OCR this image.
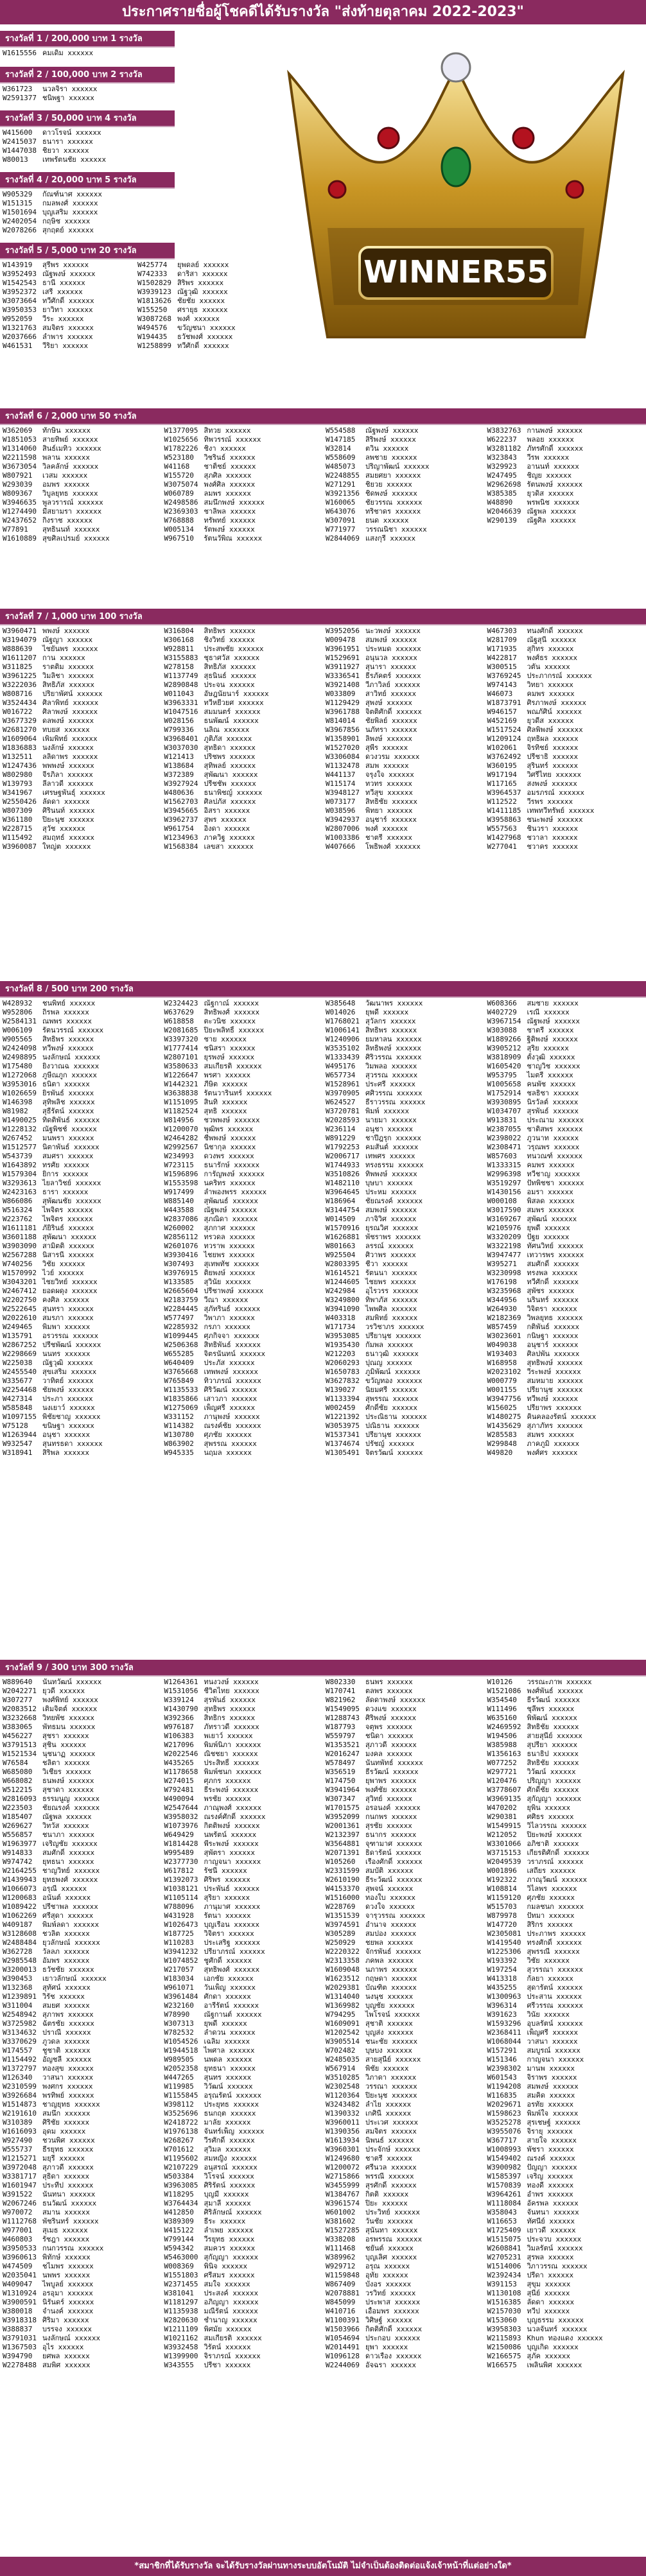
ประกาศรายชื่อผู้โชคดีได้รับรางวัล "ส่งท้ายตุลาคม 2022-2023"
WINNER55
รางวัลที่ 1 / 200,000 บาท 1 รางวัล
W1615556 คมเดิม xxxxxx
รางวัลที่ 2 / 100,000 บาท 2 รางวัล
W361723 นวลจิรา xxxxxx
W2591377 ชนิพฐา xxxxxx
รางวัลที่ 3 / 50,000 บาท 4 รางวัล
W415600 ดาวโรจน์ xxxxxx
W2415037 ธนารา xxxxxx
W1447038 ชิยวา xxxxxx
W80013 เทพรัตนชัย xxxxxx
รางวัลที่ 4 / 20,000 บาท 5 รางวัล
W905329 กัณฑ์นาศ xxxxxx
W151315 กมลพงศ์ xxxxxx
W1501694 บุญเสริม xxxxxx
W2402054 กฤษิช xxxxxx
W2078266 สุกฤตย์ xxxxxx
รางวัลที่ 5 / 5,000 บาท 20 รางวัล
W143919 สุรีพร xxxxxx	W425774 ยุพดลย์ xxxxxx
W3952493 ณัฐพงษ์ xxxxxx	W742333 ดาริสา xxxxxx
W1542543 ธานี xxxxxx	W1502829 สิริพร xxxxxx
W3952372 เสรี xxxxxx	W3939123 ณัฐวุฒิ xxxxxx
W3073664 ทวีศักดิ์ xxxxxx	W1813626 ชัยชัย xxxxxx
W3950353 ยาวิทา xxxxxx	W155250 ศรายุธ xxxxxx
W952059 วีระ xxxxxx	W3087268 พงศ์ xxxxxx
W1321763 สมจิตร xxxxxx	W494576 ขวัญชนา xxxxxx
W2037666 ลำพาร xxxxxx	W194435 ธวัชพงศ์ xxxxxx
W461531 วีริยา xxxxxx	W1258899 ทวีศักดิ์ xxxxxx
รางวัลที่ 6 / 2,000 บาท 50 รางวัล
W362069 ทักษิน xxxxxx	W1377095 สิทวย xxxxxx	W554588 ณัฐพงษ์ xxxxxx	W3832763 กานพงษ์ xxxxxx
W1851053 สายทิพย์ xxxxxx	W1025656 ทิพวรรณ์ xxxxxx	W147185 สิริพงษ์ xxxxxx	W622237 พลอย xxxxxx
W1314060 สินธ์เมทิ่ว xxxxxx	W1782226 ชิงา xxxxxx	W32814 ตวิน xxxxxx	W3281182 ภัทรศักดิ์ xxxxxx
W2211598 พลาน xxxxxx	W523180 วิชรินธ์ xxxxxx	W558609 ลพชาย xxxxxx	W323843 วีรพ xxxxxx
W3673054 วิลคลักษ์ xxxxxx	W41168 ชาติัชย์ xxxxxx	W485073 ปริญาพัฒน์ xxxxxx	W329923 อานนท์ xxxxxx
W807921 เวสม xxxxxx	W155720 สุภศิล xxxxxx	W2248855 สมยศยา xxxxxx	W247495 ชิญย xxxxxx
W293039 อมพร xxxxxx	W3075074 พงศ์ศิล xxxxxx	W271291 ชิยวย xxxxxx	W2962698 รัตนพงษ์ xxxxxx
W809367 วิบูลยุทธ xxxxxx	W060789 ลมพร xxxxxx	W3921356 ชิดพงษ์ xxxxxx	W385385 ยุวดิส xxxxxx
W3946635 พูลวรารณ์ xxxxxx	W2498586 สมนึกพงษ์ xxxxxx	W160065 ชัยวรรณ xxxxxx	W48890 พรพนิช xxxxxx
W1274490 มีสยามรา xxxxxx	W2369303 ชาลิพล xxxxxx	W643076 ทริชาดร xxxxxx	W2046639 ณัฐพล xxxxxx
W2437652 กิงราช xxxxxx	W768888 ทรัพทย์ xxxxxx	W307091 ยนด xxxxxx	W290139 ณัฐศิล xxxxxx
W77891 สุทธินนท์ xxxxxx	W005134 รัตพงษ์ xxxxxx	W771977 วรรณนิชา xxxxxx
W1610889 สุขศิลเปรมย์ xxxxxx	W967510 รัตนวัพิณ xxxxxx	W2844069 แสงกุรี xxxxxx
รางวัลที่ 7 / 1,000 บาท 100 รางวัล
W3960471 พพงษ์ xxxxxx	W316804 สิทธิพร xxxxxx	W3952056 นะวพงษ์ xxxxxx	W467303 ทนงศักดิ์ xxxxxx
W3194079 ณัฐญา xxxxxx	W306168 ชิงวิทย์ xxxxxx	W009478 สมพงษ์ xxxxxx	W281709 ณัฐสุนี xxxxxx
W888639 ไชยันพร xxxxxx	W928811 ประสพชัย xxxxxx	W3961951 ประหมด xxxxxx	W171935 สุกิทร xxxxxx
W1611207 กาน xxxxxx	W3155883 ชุธาศวัส xxxxxx	W1529691 อนุนวล xxxxxx	W422817 พงศ์ธร xxxxxx
W311825 ราตติม xxxxxx	W278158 สิทธิภัส xxxxxx	W3911927 สุนารา xxxxxx	W300515 วตัน xxxxxx
W3961225 วิมลิชา xxxxxx	W1137749 สุธนินธ์ xxxxxx	W3336541 ธีรภัคตร์ xxxxxx	W3769245 ประภากรณ์ xxxxxx
W3222036 สิทธิภัส xxxxxx	W2890848 ประจน xxxxxx	W3921408 วีภาวิลย์ xxxxxx	W974143 วิทยา xxxxxx
W808716 ปริยาพัศน์ xxxxxx	W011043 อัษฎนัยนาร์ xxxxxx	W033809 สาวิทย์ xxxxxx	W46073 คมพร xxxxxx
W3524434 ศิลาพิทย์ xxxxxx	W3963331 ทวีหยีวยศ xxxxxx	W1129429 สุพงษ์ xxxxxx	W1873791 ศิรภาพงษ์ xxxxxx
W016722 ศิลาพงษ์ xxxxxx	W1047516 สมมนตร์ xxxxxx	W3961788 จิตติศักดิ์ xxxxxx	W946157 พณภัศิน์ xxxxxx
W3677329 ดลพงษ์ xxxxxx	W028156 ธนพัฒน์ xxxxxx	W814014 ชัยพิลย์ xxxxxx	W452169 ยุวดีส xxxxxx
W2681270 ทบยส xxxxxx	W799336 นลิณ xxxxxx	W3967856 นภัทรา xxxxxx	W1517524 ศิลพิพงษ์ xxxxxx
W1609064 เพิ่มพิทย์ xxxxxx	W3968401 ภูติภัส xxxxxx	W1358901 ลิพงษ์ xxxxxx	W1209124 ฤทธิผล xxxxxx
W1836883 นงลักษ์ xxxxxx	W3037030 สุทธิดา xxxxxx	W1527020 สุพีร xxxxxx	W102061 จิรทิชย์ xxxxxx
W132511 ลลิดาพร xxxxxx	W121413 ปริชพร xxxxxx	W3306084 ดวงวรม xxxxxx	W3762492 ปรีชาธิ xxxxxx
W1247436 พพพงษ์ xxxxxx	W138684 สุทิพลย์ xxxxxx	W1132478 สมพ xxxxxx	W360195 สุรินทร์ xxxxxx
W802980 จีรภิลา xxxxxx	W372389 สุพัฒนา xxxxxx	W441137 จรุงใจ xxxxxx	W917194 วิศรีไทย xxxxxx
W139793 ลีลาวดี xxxxxx	W3927924 ปรีชชัพ xxxxxx	W115174 ทวทร xxxxxx	W117165 สงพงษ์ xxxxxx
W341967 เศรษฐพันธุ์ xxxxxx	W480636 ธนาพิชญ์ xxxxxx	W3948127 ทวีสุข xxxxxx	W3964537 อมรภรณ์ xxxxxx
W2550426 ลัดดา xxxxxx	W1562703 ศิลปภัส xxxxxx	W073177 สิทธิชัย xxxxxx	W112522 วีรพร xxxxxx
W807309 ศิรินนท์ xxxxxx	W3945665 อิสรา xxxxxx	W038596 พิทยา xxxxxx	W1411185 เทพทวีทรัพย์ xxxxxx
W361180 ปิยะนุช xxxxxx	W3962737 สุพร xxxxxx	W3942937 อนุชาร์ xxxxxx	W3958863 ชนะพงษ์ xxxxxx
W228715 สุวัช xxxxxx	W961754 อิงดา xxxxxx	W2807006 พงศ์ xxxxxx	W557563 ชินวรา xxxxxx
W115492 สมฤทธ์ xxxxxx	W1234963 ภาควิฐ xxxxxx	W1003386 ชาตรี xxxxxx	W1427968 ชวาลา xxxxxx
W3960087 ใหญ่ต xxxxxx	W1568384 เลขสา xxxxxx	W407666 โพธิพงศ์ xxxxxx	W277041 ชวาคร xxxxxx
รางวัลที่ 8 / 500 บาท 200 รางวัล
W428932 ชนพิทย์ xxxxxx	W2324423 ณัฐกาณ์ xxxxxx	W385648 วัฒนาพร xxxxxx	W608366 สมชาย xxxxxx
W952806 ถิรพล xxxxxx	W637629 สิทธิพงศ์ xxxxxx	W014026 ยุพดี xxxxxx	W402729 เรณี xxxxxx
W2584131 ณพพร xxxxxx	W618858 ตะวนิช xxxxxx	W1768021 สุวัลกร xxxxxx	W3967154 ณัฐพงษ์ xxxxxx
W006109 รัตนวรรณ์ xxxxxx	W2081685 ปิยะพลิทธิ์ xxxxxx	W1006141 สิทธิพร xxxxxx	W303088 ชาตรี xxxxxx
W905565 สิทธิพร xxxxxx	W3397320 ชาย xxxxxx	W1240906 ยมหาลน xxxxxx	W1889266 ฐิติพงษ์ xxxxxx
W2424098 ทวีพงษ์ xxxxxx	W1777414 ชนิสรา xxxxxx	W3535102 ลิทธิพงษ์ xxxxxx	W3905212 สุริย xxxxxx
W2498895 นงลักษณ์ xxxxxx	W2807101 ยุรพงษ์ xxxxxx	W1333439 ศิริวรรณ xxxxxx	W3818909 ตั้งวุฒิ xxxxxx
W175480 ยิ่งวาณฉ xxxxxx	W3580633 สมเกียรติ xxxxxx	W495176 วิมพลอ xxxxxx	W1605420 ชาญวิช xxxxxx
W1272068 ภูษีณภูก xxxxxx	W1226647 พรศา xxxxxx	W657734 สุวรรณ xxxxxx	W953795 ไมตรี xxxxxx
W3953016 ธนิตา xxxxxx	W1442321 ภีษิต xxxxxx	W1528961 ประศรี xxxxxx	W1005658 คนพัช xxxxxx
W1026659 ยิรพันธ์ xxxxxx	W3638838 รัตนวารินทร์ xxxxxx	W3970905 ศศิวรรณ xxxxxx	W1752914 ชลธิชา xxxxxx
W146398 สุทิพลิช xxxxxx	W1151095 สินทิ xxxxxx	W624527 ธีราวรรณ xxxxxx	W3930895 นิรวัลต์ xxxxxx
W81982 สุธีรัตน์ xxxxxx	W1182524 สุทธิ xxxxxx	W3720781 พิมพ์ xxxxxx	W1034707 สุรพันธ์ xxxxxx
W1490025 ทิดติพันธ์ xxxxxx	W814956 ชวพพงษ์ xxxxxx	W2028593 นายมา xxxxxx	W913831 ประณาม xxxxxx
W1228132 ณัฐพิชช์ xxxxxx	W1200070 พุฒิพร xxxxxx	W236114 อนุชา xxxxxx	W2387055 ชาติสพร xxxxxx
W267452 มนพรา xxxxxx	W2464282 ชีพพงษ์ xxxxxx	W891229 ชาปีฎรุก xxxxxx	W2398022 ภูวนาท xxxxxx
W1512577 นิตาพันธ์ xxxxxx	W2992567 นิชากุล xxxxxx	W1792253 คมสันต์ xxxxxx	W2308471 วรุณพร xxxxxx
W543739 สมศรา xxxxxx	W234993 ดวงพร xxxxxx	W2006717 เทพศร xxxxxx	W857603 ทนวณฑ์ xxxxxx
W1643892 ทรศัย xxxxxx	W723115 ธนารักษ์ xxxxxx	W1744933 ทรงธรรม xxxxxx	W1333315 คมพร xxxxxx
W1579304 ยิการ xxxxxx	W1596896 การัญพงษ์ xxxxxx	W3510826 ทิพพงษ์ xxxxxx	W2996398 ทวีชาญ xxxxxx
W3293613 ไยลาวิชย์ xxxxxx	W1553598 นคริทร xxxxxx	W1482110 บุษบา xxxxxx	W3519297 ปัทพิชชา xxxxxx
W2423163 ธารา xxxxxx	W917499 ลำพองพรร xxxxxx	W3964645 ประหม xxxxxx	W1430156 อมรา xxxxxx
W866086 สุพัฒนชัย xxxxxx	W885140 สุพัฒนธ์ xxxxxx	W186964 ชัยณรงค์ xxxxxx	W000108 พิสลด xxxxxx
W516324 ไพจิตร xxxxxx	W443588 ณัฐพงษ์ xxxxxx	W3144754 สมพงษ์ xxxxxx	W3017590 สมพร xxxxxx
W223762 ไพจิตร xxxxxx	W2837086 สุภณิดา xxxxxx	W014509 ภาจิวิศ xxxxxx	W3169267 สุพัฒน์ xxxxxx
W1611181 ภัยิรินธ์ xxxxxx	W260002 สุภกาศ xxxxxx	W1570916 ยุรณวิศ xxxxxx	W2105976 ยุพดี xxxxxx
W3601188 สุพัฒนา xxxxxx	W2856112 ทรวดล xxxxxx	W1626881 พัชราพร xxxxxx	W3320209 ปัฐย xxxxxx
W3903090 สามิตติ xxxxxx	W2601076 ทวราพ xxxxxx	W801663 ลรรณ์ xxxxxx	W3322198 ทัศนวิทย์ xxxxxx
W2567288 นิสารนี xxxxxx	W3930416 ไชยพร xxxxxx	W925504 ศิวาพร xxxxxx	W3947477 เทวารพร xxxxxx
W740256 วิชัย xxxxxx	W307493 สุเทพทัช xxxxxx	W2803395 ชีวา xxxxxx	W395271 สมศักดิ์ xxxxxx
W1570992 ไวย์ xxxxxx	W3976915 ติยพงษ์ xxxxxx	W1614521 รัตนนา xxxxxx	W3230998 ทรงพล xxxxxx
W3043201 ไชยวิทย์ xxxxxx	W133585 สุวินัย xxxxxx	W1244605 ไชยพร xxxxxx	W176198 ทวีศักดิ์ xxxxxx
W2467412 ยอดผดุง xxxxxx	W2665604 ปรีชาพงษ์ xxxxxx	W242984 อุไรวรร xxxxxx	W3235968 สุพัชร xxxxxx
W2202750 คงศิล xxxxxx	W2183759 วีณา xxxxxx	W3249800 ทิพาภัส xxxxxx	W344956 นรินทร์ xxxxxx
W2522645 สุนทรา xxxxxx	W2284445 สุภัทรินธ์ xxxxxx	W3941090 ไพพศิล xxxxxx	W264930 วิจิตรา xxxxxx
W2022610 สมรภา xxxxxx	W577497 วิพาภา xxxxxx	W403318 สมพิทย์ xxxxxx	W2182369 วิพลยุทธ xxxxxx
W249465 พิมพา xxxxxx	W2285932 กรภา xxxxxx	W171734 วรวิชาภร xxxxxx	W857459 กติพันธ์ xxxxxx
W135791 อรวรรณ xxxxxx	W1099445 ศุภกิจจา xxxxxx	W3953085 ปรียานุช xxxxxx	W3023601 กนิษฐา xxxxxx
W2867252 ปรีชพัฒน์ xxxxxx	W2506368 สิทธิพันธ์ xxxxxx	W1935430 กัมพล xxxxxx	W049038 อนุชาร์ xxxxxx
W2298669 นนทร xxxxxx	W655285 จิตรนันทน์ xxxxxx	W212203 ธนาวุฒิ xxxxxx	W193403 ศิลปพัน xxxxxx
W225038 ณัฐวุฒิ xxxxxx	W640409 ประภัส xxxxxx	W2060293 ปุณญ xxxxxx	W168958 สุทธิพงษ์ xxxxxx
W2455540 สุขเสริม xxxxxx	W3765668 เทพพงษ์ xxxxxx	W1650783 ภูมิพัฒน์ xxxxxx	W2023102 วีระพงษ์ xxxxxx
W335677 วาทิตย์ xxxxxx	W765849 ทิวาภรณ์ xxxxxx	W3627832 ขวัญทอง xxxxxx	W000779 สมหมาย xxxxxx
W2254468 ชัยพงษ์ xxxxxx	W1135533 ศิริวัฒน์ xxxxxx	W139027 นิยมศรี xxxxxx	W001155 ปรียานุช xxxxxx
W427314 ประภา xxxxxx	W1835866 เสาวภา xxxxxx	W1133394 สุพรรณ xxxxxx	W3947756 ทวีพงษ์ xxxxxx
W585848 นงเยาว์ xxxxxx	W1275069 เพ็ญศรี xxxxxx	W002459 ศักดิ์ชัย xxxxxx	W156025 ปรียาพร xxxxxx
W1097155 พิชัยชาญ xxxxxx	W331152 ภานุพงษ์ xxxxxx	W1221392 ประณิธาน xxxxxx	W1480275 คินคลองรัตน์ xxxxxx
W75128 ขนิษฐา xxxxxx	W114382 ณรงค์ชัย xxxxxx	W3053975 ปณิธาน xxxxxx	W1435629 สุภาภัทร xxxxxx
W1263944 อนุชา xxxxxx	W130780 ศุภชัย xxxxxx	W1537341 ปรียานุช xxxxxx	W285583 สมพร xxxxxx
W932547 สุนทรธดา xxxxxx	W863902 สุพรรณ xxxxxx	W1374674 ปรัชญ์ xxxxxx	W299848 ภาคภูมิ xxxxxx
W318941 สิริพล xxxxxx	W945335 นฤมล xxxxxx	W1305491 จิตรวัฒน์ xxxxxx	W49820 พงศ์ศร xxxxxx
รางวัลที่ 9 / 300 บาท 300 รางวัล
W889640 นันทวัฒน์ xxxxxx	W1264361 ทนงวงษ์ xxxxxx	W802330 ธนพร xxxxxx	W10126 วรรณะภาพ xxxxxx
W2042271 ยุวดี xxxxxx	W1531056 ชีวิตไทย xxxxxx	W170741 ตลพร xxxxxx	W1521086 พงศ์พันธ์ xxxxxx
W307277 พงศ์พิทย์ xxxxxx	W339124 สุรพันธ์ xxxxxx	W821962 ลัดดาพงษ์ xxxxxx	W354540 ธีรวัฒน์ xxxxxx
W2083512 เติมจิตต์ xxxxxx	W1430790 สุทธิพร xxxxxx	W1549095 ดวงแข xxxxxx	W111496 ชุลีพร xxxxxx
W3232668 วิทยพัช xxxxxx	W392366 สิทธิกร xxxxxx	W1288743 ศิริพงษ์ xxxxxx	W635160 พิพัฒน์ xxxxxx
W383065 พัทธมน xxxxxx	W976187 ภัทราวดี xxxxxx	W187793 จตุพร xxxxxx	W2469592 สิทธิชัย xxxxxx
W456227 สุชรา xxxxxx	W106383 พเยาว์ xxxxxx	W559797 ชนิดา xxxxxx	W194506 สายสุนีย์ xxxxxx
W3791513 สุชิน xxxxxx	W217096 พิมพ์นิภา xxxxxx	W1353521 สุภาวดี xxxxxx	W385988 สุปรียา xxxxxx
W1521534 นุชนาฏ xxxxxx	W2022546 ณิชชยา xxxxxx	W2016247 มงคล xxxxxx	W1356163 ธนาธิป xxxxxx
W76584 ชลิตา xxxxxx	W435265 ประสิทธิ์ xxxxxx	W578497 นันทพัทธ์ xxxxxx	W077252 สิทธิชัย xxxxxx
W685080 วิเชียร xxxxxx	W1178658 พิมพ์ชนก xxxxxx	W356519 ธีรวัฒน์ xxxxxx	W297721 วิวัฒน์ xxxxxx
W668082 ธนพงษ์ xxxxxx	W274015 ศุภกร xxxxxx	W174750 ยุพาพร xxxxxx	W120476 ปริญญา xxxxxx
W512215 สุชาดา xxxxxx	W792481 ธีระพงษ์ xxxxxx	W3941964 พงศ์ชัย xxxxxx	W3778607 ศักดิ์ชัย xxxxxx
W2816093 ธรรมนูญ xxxxxx	W490094 พรชัย xxxxxx	W307347 สุวิทย์ xxxxxx	W3969135 สุกัญญา xxxxxx
W223503 ชัยณรงค์ xxxxxx	W2547644 ภาณุพงศ์ xxxxxx	W1701575 อรอนงค์ xxxxxx	W470202 ยุพิน xxxxxx
W185407 ณัฐพล xxxxxx	W3958032 ณรงค์ศักดิ์ xxxxxx	W3952099 กนกพร xxxxxx	W290381 ศศิธร xxxxxx
W269627 วิทวัส xxxxxx	W1073976 กิตติพงษ์ xxxxxx	W2001361 สุรชัย xxxxxx	W1549915 วิไลวรรณ xxxxxx
W556857 ชนาภา xxxxxx	W649429 นพรัตน์ xxxxxx	W2132397 ธนากร xxxxxx	W212052 ปิยะพงษ์ xxxxxx
W1963977 เจริญชัย xxxxxx	W1814428 พีระพงษ์ xxxxxx	W3564881 จุฑามาศ xxxxxx	W3301066 อภิชาติ xxxxxx
W914833 สมศักดิ์ xxxxxx	W995489 สุพัตรา xxxxxx	W2071391 ธิดารัตน์ xxxxxx	W3715153 เกียรติศักดิ์ xxxxxx
W974742 ยุทธนา xxxxxx	W2377730 กาญจนา xxxxxx	W105260 เรืองศักดิ์ xxxxxx	W2049539 วราภรณ์ xxxxxx
W2164255 ชาญวิทย์ xxxxxx	W617812 รัชนี xxxxxx	W2331599 สมบัติ xxxxxx	W001896 เสถียร xxxxxx
W1439943 ยุทธพงศ์ xxxxxx	W1392073 ศิริพร xxxxxx	W2610190 ธีระวัฒน์ xxxxxx	W192322 ภาณุวัฒน์ xxxxxx
W1066073 อรุณี xxxxxx	W1038121 ประพันธ์ xxxxxx	W4153370 สุพจน์ xxxxxx	W108814 วิไลพร xxxxxx
W1200683 อนันต์ xxxxxx	W1105114 สุริยา xxxxxx	W1516000 ทองใบ xxxxxx	W1159120 ศุภชัย xxxxxx
W1089422 ปรีชาพล xxxxxx	W788096 ภานุมาศ xxxxxx	W228769 ดวงใจ xxxxxx	W515703 กมลชนก xxxxxx
W1062269 ศรีสุดา xxxxxx	W431928 รัตนา xxxxxx	W1351539 จารุวรรณ xxxxxx	W879978 ปัทมา xxxxxx
W409187 พิมพ์ลดา xxxxxx	W1026473 บุญเรือน xxxxxx	W3974591 อำนาจ xxxxxx	W147720 สิริกร xxxxxx
W3128608 ชวลิต xxxxxx	W187725 วิจิตรา xxxxxx	W305289 สมปอง xxxxxx	W2305081 ประภาพร xxxxxx
W2488484 ยุวลักษณ์ xxxxxx	W110283 ประเสริฐ xxxxxx	W250929 ชยพล xxxxxx	W1419540 ทรงศักดิ์ xxxxxx
W362728 วัลลภ xxxxxx	W3941232 ปรียาภรณ์ xxxxxx	W2220322 จักรพันธ์ xxxxxx	W1225306 สุพรรณี xxxxxx
W2985548 อัมพร xxxxxx	W1074852 ชูศักดิ์ xxxxxx	W2313358 ภคพล xxxxxx	W193392 วิชัย xxxxxx
W3200013 ธวัชชัย xxxxxx	W217057 สุทธิพงศ์ xxxxxx	W1609048 นภาพร xxxxxx	W197254 สุวรรณา xxxxxx
W390453 เยาวลักษณ์ xxxxxx	W183034 เอกชัย xxxxxx	W1623512 กฤษดา xxxxxx	W413318 กัลยา xxxxxx
W132368 สุทัศน์ xxxxxx	W961071 วันเพ็ญ xxxxxx	W2029381 บัณฑิต xxxxxx	W435255 สุดารัตน์ xxxxxx
W1239891 วิรัช xxxxxx	W3961484 ศักดา xxxxxx	W1314040 นงนุช xxxxxx	W1300963 ประสาน xxxxxx
W311004 สมยศ xxxxxx	W232160 อารีรัตน์ xxxxxx	W1369982 บุญชัย xxxxxx	W396314 ศรีวรรณ xxxxxx
W2548942 สุภาพร xxxxxx	W78990 ณัฐกานต์ xxxxxx	W794295 ไพโรจน์ xxxxxx	W391623 วินัย xxxxxx
W3725982 ฉัตรชัย xxxxxx	W307313 ยุพดี xxxxxx	W1609091 สุชาติ xxxxxx	W1593296 อุบลรัตน์ xxxxxx
W3134632 ปราณี xxxxxx	W782532 ลำดวน xxxxxx	W1202542 บุญส่ง xxxxxx	W2368411 เพ็ญศรี xxxxxx
W3370629 ภูวดล xxxxxx	W1054526 เฉลิม xxxxxx	W3905514 ชนะชัย xxxxxx	W1068044 วาสนา xxxxxx
W174557 ชูชาติ xxxxxx	W1944518 ไพศาล xxxxxx	W702482 บุษบง xxxxxx	W157291 สมบูรณ์ xxxxxx
W1154492 อัญชลี xxxxxx	W989505 นพดล xxxxxx	W2485035 สายสุนีย์ xxxxxx	W151346 กาญจนา xxxxxx
W1372797 ทองสุข xxxxxx	W2052358 ยุทธนา xxxxxx	W567914 พิชัย xxxxxx	W2398302 มานพ xxxxxx
W126340 วาสนา xxxxxx	W447265 สุนทร xxxxxx	W3510285 วิภาดา xxxxxx	W601543 จิราพร xxxxxx
W2310599 พงศกร xxxxxx	W119985 วิวัฒน์ xxxxxx	W2302548 วรรณา xxxxxx	W1194208 สมพงษ์ xxxxxx
W3926684 พรทิพย์ xxxxxx	W1155845 อรุณรัตน์ xxxxxx	W1120364 ปิยะนุช xxxxxx	W116835 สมคิด xxxxxx
W1514873 ชาญยุทธ xxxxxx	W398112 ประยุทธ xxxxxx	W3243482 ลำไย xxxxxx	W2029671 อรทัย xxxxxx
W2191610 สมนึก xxxxxx	W3525696 ธนกฤต xxxxxx	W1390332 เกศินี xxxxxx	W1598623 พิมพ์ใจ xxxxxx
W310389 ศิริชัย xxxxxx	W2418722 มาลัย xxxxxx	W3960011 ประเวศ xxxxxx	W3525278 สุรเชษฐ์ xxxxxx
W1616093 อุดม xxxxxx	W1976138 จันทร์เพ็ญ xxxxxx	W1390356 สมจิตร xxxxxx	W3955076 จิรายุ xxxxxx
W927490 ชวนพิศ xxxxxx	W268267 วีรศักดิ์ xxxxxx	W1613934 นิพนธ์ xxxxxx	W367717 สายใจ xxxxxx
W555737 ธีรยุทธ xxxxxx	W701612 สุวิมล xxxxxx	W3960301 ประจักษ์ xxxxxx	W1008993 พัชรา xxxxxx
W1215271 มยุรี xxxxxx	W1195602 สมหญิง xxxxxx	W1249680 ชาตรี xxxxxx	W1549402 ณรงค์ xxxxxx
W3972048 สุภาวดี xxxxxx	W2107229 อนุสรณ์ xxxxxx	W1200072 ศรีนวล xxxxxx	W3900982 ปัญญา xxxxxx
W3381717 สุธิดา xxxxxx	W503384 วิโรจน์ xxxxxx	W2715866 พรรณี xxxxxx	W1585397 เจริญ xxxxxx
W1601947 ประทีป xxxxxx	W3963085 ศิริรัตน์ xxxxxx	W3455999 สุรศักดิ์ xxxxxx	W1570839 ทองดี xxxxxx
W391522 นันทนา xxxxxx	W118295 บุญมี xxxxxx	W1384767 กิตติ xxxxxx	W3964261 อำพร xxxxxx
W2067246 ธนวัฒน์ xxxxxx	W3764434 สุมาลี xxxxxx	W3961574 ปิยะ xxxxxx	W1118084 อัครพล xxxxxx
W970072 สมาน xxxxxx	W412850 ศิริลักษณ์ xxxxxx	W601002 ประวิทย์ xxxxxx	W358043 จันทนา xxxxxx
W1112768 พัชรินทร์ xxxxxx	W389309 ธีระ xxxxxx	W381602 วันชัย xxxxxx	W116653 ทัศนีย์ xxxxxx
W977001 สุเมธ xxxxxx	W415122 ลำเพย xxxxxx	W1527285 สุนันทา xxxxxx	W1725409 เยาวดี xxxxxx
W460803 รัชฎา xxxxxx	W799144 วีรยุทธ xxxxxx	W338208 อรพรรณ xxxxxx	W1515075 ประจวบ xxxxxx
W3950533 กนกวรรณ xxxxxx	W594342 สมควร xxxxxx	W111468 ชยันต์ xxxxxx	W2608841 วิมลรัตน์ xxxxxx
W3960613 พิทักษ์ xxxxxx	W5463000 สุกัญญา xxxxxx	W389962 บุญเลิศ xxxxxx	W2705231 สุรพล xxxxxx
W474509 ชไมพร xxxxxx	W008369 พินิจ xxxxxx	W929712 อรุณ xxxxxx	W1514006 วิภาวรรณ xxxxxx
W2035041 นพพร xxxxxx	W1551803 ศรีสมร xxxxxx	W1159848 อุทัย xxxxxx	W2392434 ปรีดา xxxxxx
W409047 ไพบูลย์ xxxxxx	W2371455 สมใจ xxxxxx	W867409 บังอร xxxxxx	W391153 สุขุม xxxxxx
W1310924 อรอุมา xxxxxx	W381041 ประสงค์ xxxxxx	W2078881 วรวิทย์ xxxxxx	W1130108 สุนีย์ xxxxxx
W3900591 นิรันดร์ xxxxxx	W1181297 อภิญญา xxxxxx	W845099 ประพาส xxxxxx	W1516385 ลัดดา xxxxxx
W380018 จำนงค์ xxxxxx	W1135938 มณีรัตน์ xxxxxx	W410716 เอื้อมพร xxxxxx	W2157030 ทวีป xxxxxx
W3918318 ศิริมา xxxxxx	W2820630 ชำนาญ xxxxxx	W1100391 วิศิษฐ์ xxxxxx	W153060 บุญธรรม xxxxxx
W388837 บรรจง xxxxxx	W1211109 พิศมัย xxxxxx	W1503966 กิตติศักดิ์ xxxxxx	W3958303 นวลจันทร์ xxxxxx
W3791031 นงลักษณ์ xxxxxx	W1021162 สมเกียรติ xxxxxx	W1054694 ประกอบ xxxxxx	W2115893 Khun ทองแดง xxxxxx
W1367503 อุไร xxxxxx	W3932458 วิรัตน์ xxxxxx	W2014491 ยุพา xxxxxx	W2150086 บุญเกิด xxxxxx
W394790 ยศพล xxxxxx	W1399900 จิราภรณ์ xxxxxx	W1096128 ดาวเรือง xxxxxx	W2166575 สุภัค xxxxxx
W2278488 สมพิศ xxxxxx	W343555 ปรีชา xxxxxx	W2244069 อัจฉรา xxxxxx	W166575 เพลินพิศ xxxxxx
*สมาชิกที่ได้รับรางวัล จะได้รับรางวัลผ่านทางระบบอัตโนมัติ ไม่จำเป็นต้องติดต่อแจ้งเจ้าหน้าที่แต่อย่างใด*
